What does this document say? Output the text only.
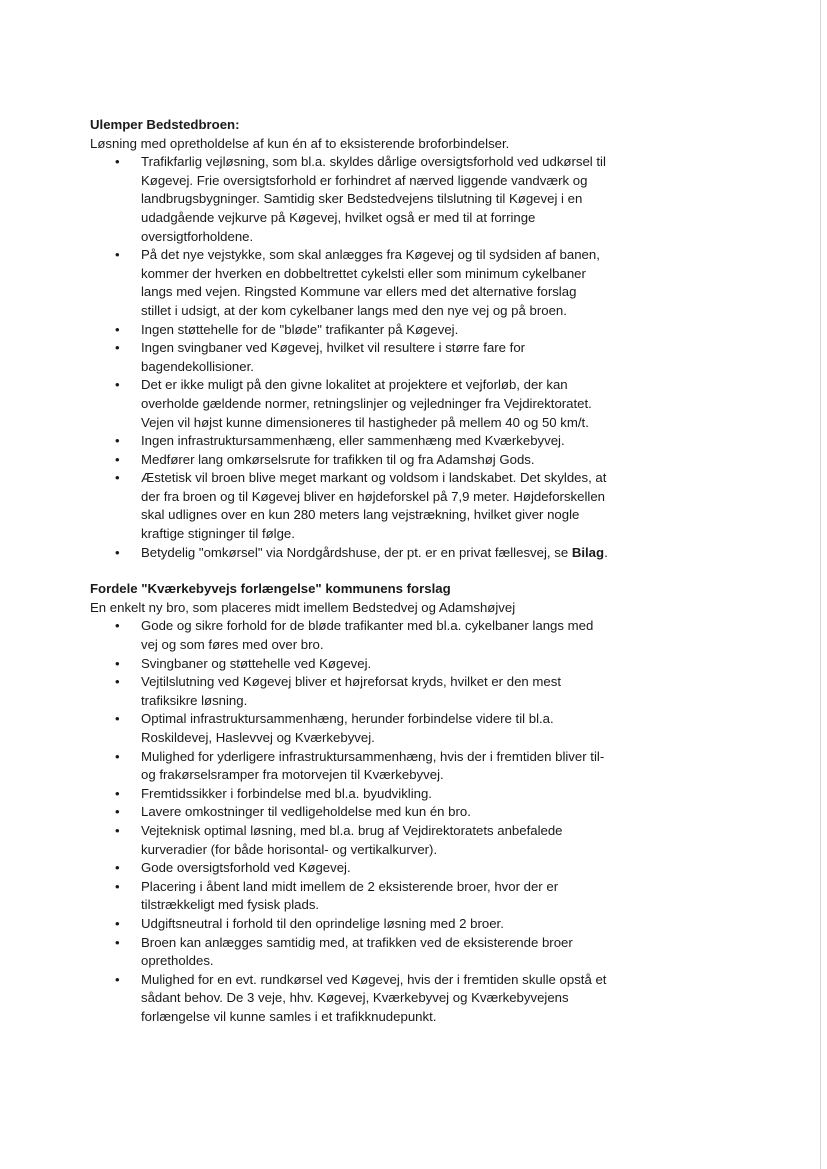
Ulemper Bedstedbroen:

Løsning med opretholdelse af kun én af to eksisterende broforbindelser.

• Trafikfarlig vejløsning, som bl.a. skyldes dårlige oversigtsforhold ved udkørsel til Køgevej. Frie oversigtsforhold er forhindret af nærved liggende vandværk og landbrugsbygninger. Samtidig sker Bedstedvejens tilslutning til Køgevej i en udadgående vejkurve på Køgevej, hvilket også er med til at forringe oversigtforholdene.
• På det nye vejstykke, som skal anlægges fra Køgevej og til sydsiden af banen, kommer der hverken en dobbeltrettet cykelsti eller som minimum cykelbaner langs med vejen. Ringsted Kommune var ellers med det alternative forslag stillet i udsigt, at der kom cykelbaner langs med den nye vej og på broen.
• Ingen støttehelle for de "bløde" trafikanter på Køgevej.
• Ingen svingbaner ved Køgevej, hvilket vil resultere i større fare for bagendekollisioner.
• Det er ikke muligt på den givne lokalitet at projektere et vejforløb, der kan overholde gældende normer, retningslinjer og vejledninger fra Vejdirektoratet. Vejen vil højst kunne dimensioneres til hastigheder på mellem 40 og 50 km/t.
• Ingen infrastruktursammenhæng, eller sammenhæng med Kværkebyvej.
• Medfører lang omkørselsrute for trafikken til og fra Adamshøj Gods.
• Æstetisk vil broen blive meget markant og voldsom i landskabet. Det skyldes, at der fra broen og til Køgevej bliver en højdeforskel på 7,9 meter. Højdeforskellen skal udlignes over en kun 280 meters lang vejstrækning, hvilket giver nogle kraftige stigninger til følge.
• Betydelig "omkørsel" via Nordgårdshuse, der pt. er en privat fællesvej, se Bilag.

Fordele "Kværkebyvejs forlængelse" kommunens forslag

En enkelt ny bro, som placeres midt imellem Bedstedvej og Adamshøjvej

• Gode og sikre forhold for de bløde trafikanter med bl.a. cykelbaner langs med vej og som føres med over bro.
• Svingbaner og støttehelle ved Køgevej.
• Vejtilslutning ved Køgevej bliver et højreforsat kryds, hvilket er den mest trafiksikre løsning.
• Optimal infrastruktursammenhæng, herunder forbindelse videre til bl.a. Roskildevej, Haslevvej og Kværkebyvej.
• Mulighed for yderligere infrastruktursammenhæng, hvis der i fremtiden bliver til- og frakørselsramper fra motorvejen til Kværkebyvej.
• Fremtidssikker i forbindelse med bl.a. byudvikling.
• Lavere omkostninger til vedligeholdelse med kun én bro.
• Vejteknisk optimal løsning, med bl.a. brug af Vejdirektoratets anbefalede kurveradier (for både horisontal- og vertikalkurver).
• Gode oversigtsforhold ved Køgevej.
• Placering i åbent land midt imellem de 2 eksisterende broer, hvor der er tilstrækkeligt med fysisk plads.
• Udgiftsneutral i forhold til den oprindelige løsning med 2 broer.
• Broen kan anlægges samtidig med, at trafikken ved de eksisterende broer opretholdes.
• Mulighed for en evt. rundkørsel ved Køgevej, hvis der i fremtiden skulle opstå et sådant behov. De 3 veje, hhv. Køgevej, Kværkebyvej og Kværkebyvejens forlængelse vil kunne samles i et trafikknudepunkt.
